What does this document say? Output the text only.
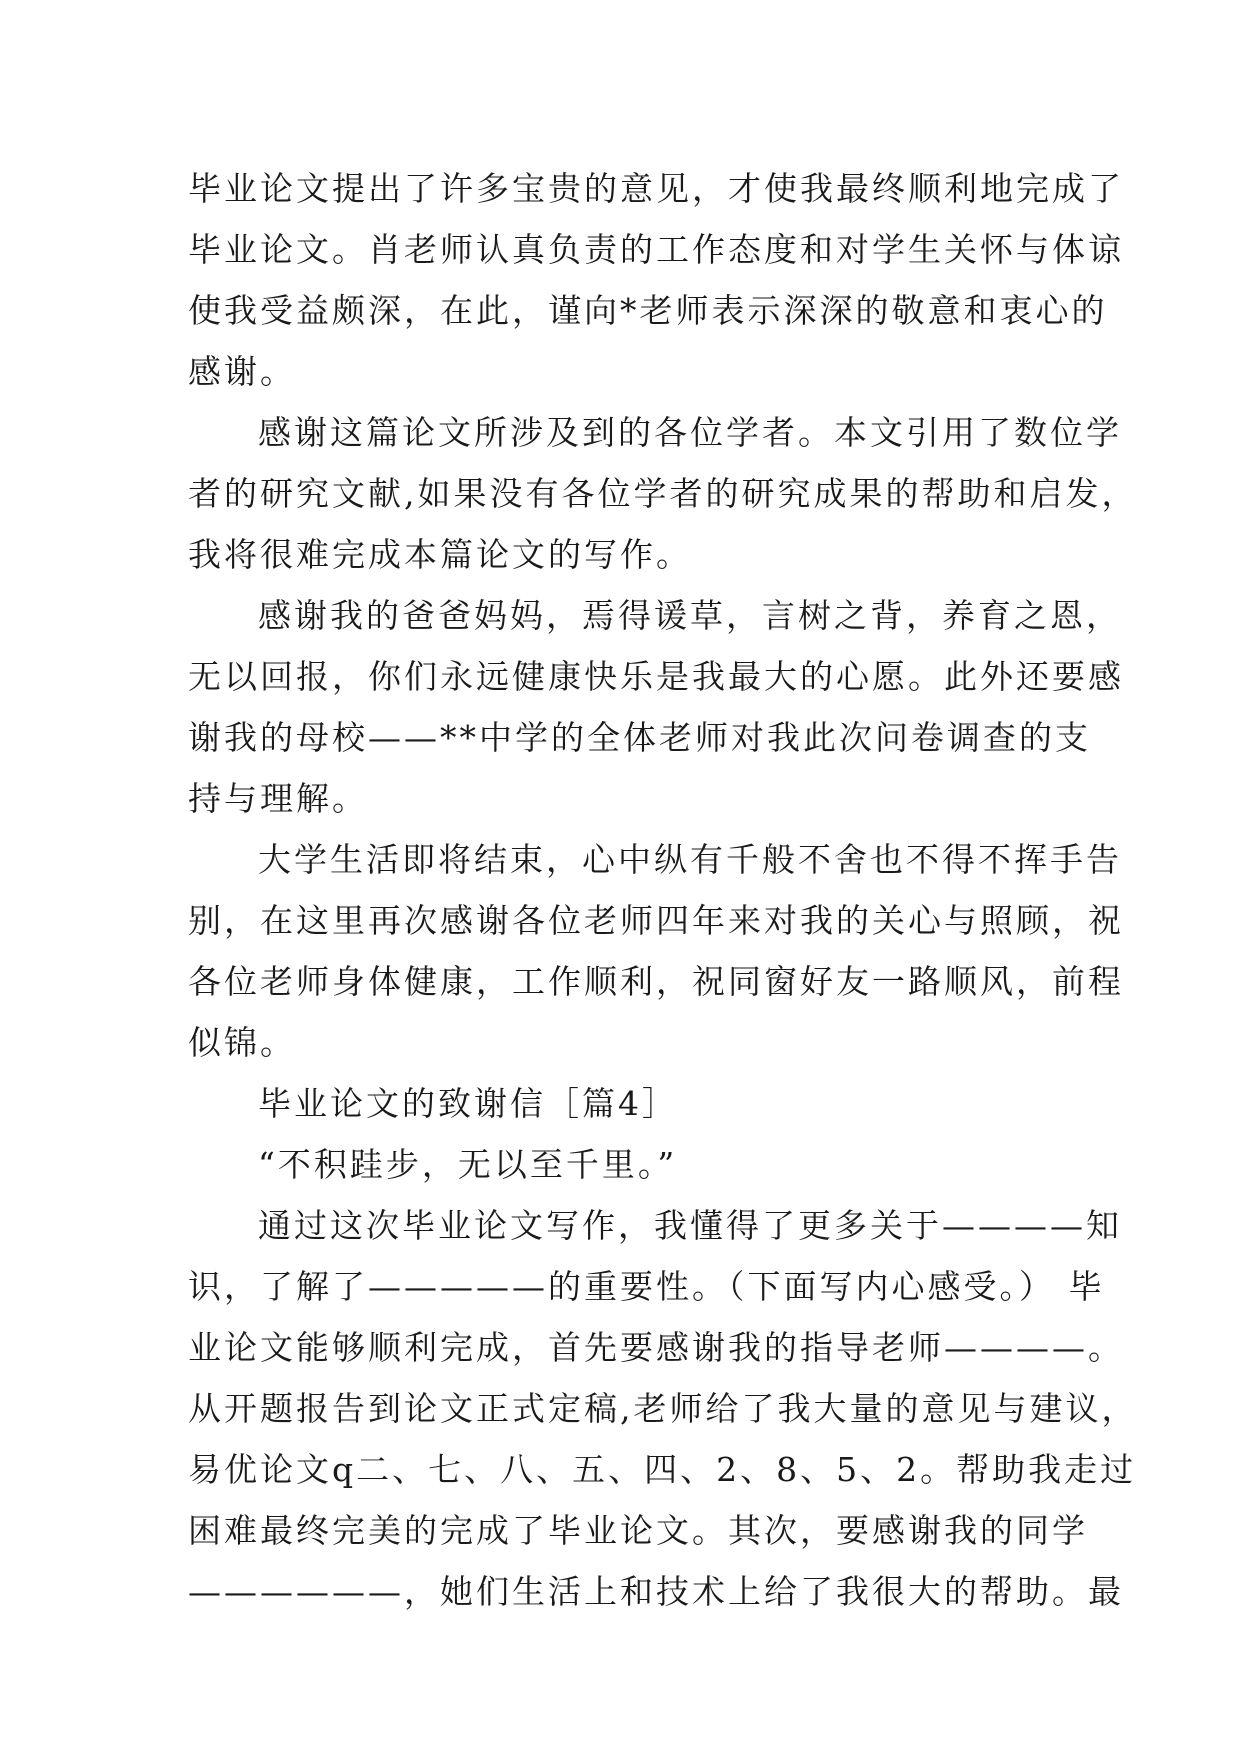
毕业论文提出了许多宝贵的意见，才使我最终顺利地完成了
毕业论文。肖老师认真负责的工作态度和对学生关怀与体谅
使我受益颇深，在此，谨向*老师表示深深的敬意和衷心的
感谢。
感谢这篇论文所涉及到的各位学者。本文引用了数位学
者的研究文献,如果没有各位学者的研究成果的帮助和启发，
我将很难完成本篇论文的写作。
感谢我的爸爸妈妈，焉得谖草，言树之背，养育之恩，
无以回报，你们永远健康快乐是我最大的心愿。此外还要感
谢我的母校——**中学的全体老师对我此次问卷调查的支
持与理解。
大学生活即将结束，心中纵有千般不舍也不得不挥手告
别，在这里再次感谢各位老师四年来对我的关心与照顾，祝
各位老师身体健康，工作顺利，祝同窗好友一路顺风，前程
似锦。
毕业论文的致谢信［篇4］
“不积跬步，无以至千里。”
通过这次毕业论文写作，我懂得了更多关于————知
识，了解了—————的重要性。（下面写内心感受。） 毕
业论文能够顺利完成，首先要感谢我的指导老师————。
从开题报告到论文正式定稿,老师给了我大量的意见与建议，
易优论文q二、七、八、五、四、2、8、5、2。帮助我走过
困难最终完美的完成了毕业论文。其次，要感谢我的同学
——————，她们生活上和技术上给了我很大的帮助。最
